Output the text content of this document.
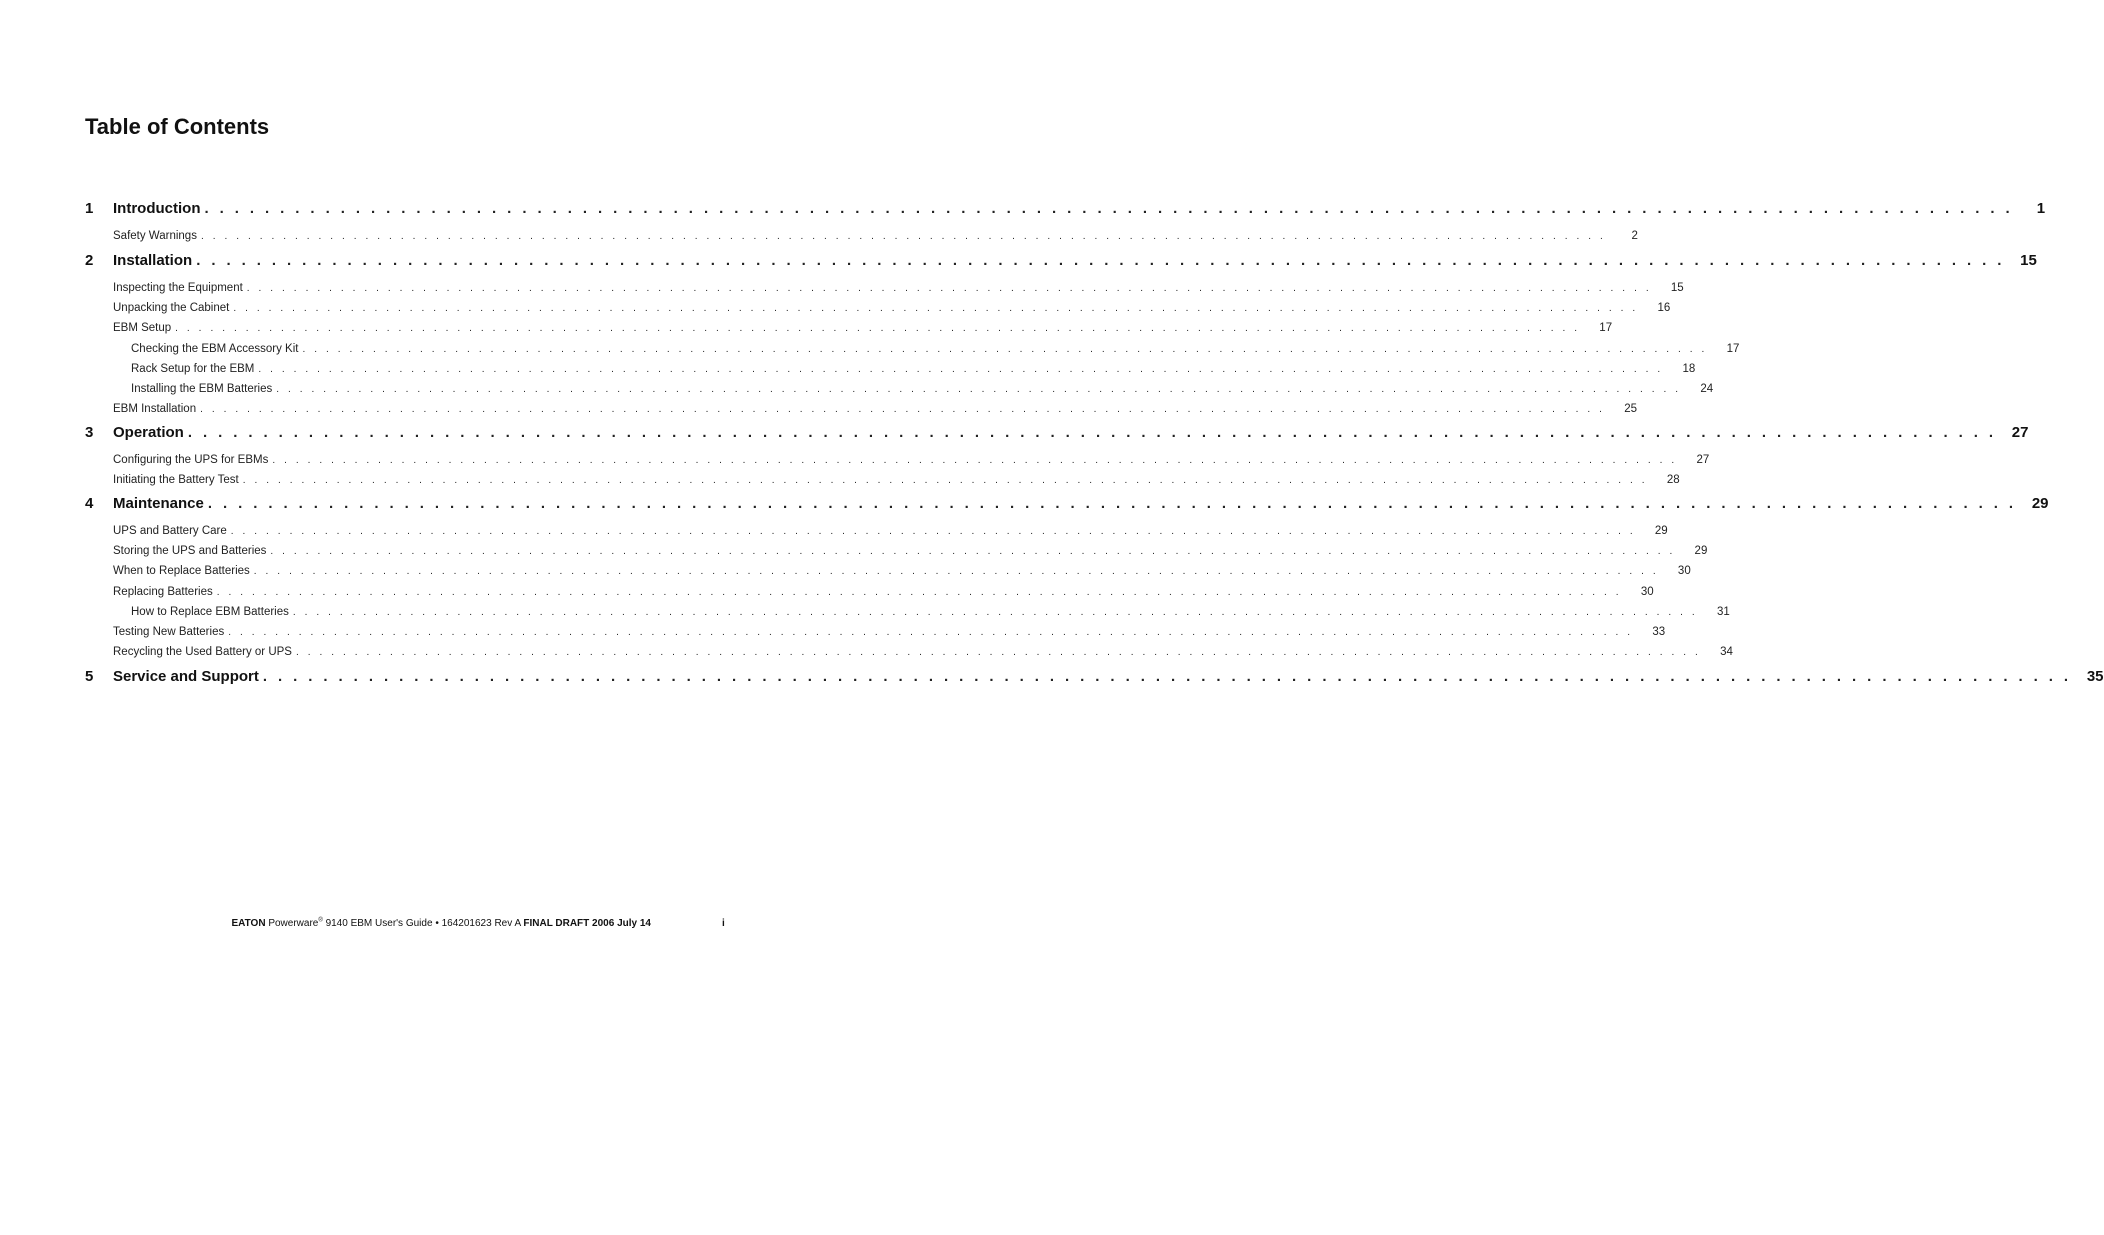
Table of Contents
1	Introduction . . . . . . . . . . . . . . . . . . . . . . . . . . . . . . . . . . . . . . . . . . . . . . . . . . . . . . . . . . . . . . . . . . . . . . . . . . . . . . . . . . . . . . . . . . . . . . . . . . . . . . . . . . . . . . . . . . . . . . . .	1
Safety Warnings . . . . . . . . . . . . . . . . . . . . . . . . . . . . . . . . . . . . . . . . . . . . . . . . . . . . . . . . . . . . . . . . . . . . . . . . . . . . . . . . . . . . . . . . . . . . . . . . . . . . . . . . . . . . . . . . . . . . . . . .	2
2	Installation . . . . . . . . . . . . . . . . . . . . . . . . . . . . . . . . . . . . . . . . . . . . . . . . . . . . . . . . . . . . . . . . . . . . . . . . . . . . . . . . . . . . . . . . . . . . . . . . . . . . . . . . . . . . . . . . . . . . . . . .	15
Inspecting the Equipment . . . . . . . . . . . . . . . . . . . . . . . . . . . . . . . . . . . . . . . . . . . . . . . . . . . . . . . . . . . . . . . . . . . . . . . . . . . . . . . . . . . . . . . . . . . . . . . . . . . . . . . . . . . . . . . . . . . . . . . .	15
Unpacking the Cabinet . . . . . . . . . . . . . . . . . . . . . . . . . . . . . . . . . . . . . . . . . . . . . . . . . . . . . . . . . . . . . . . . . . . . . . . . . . . . . . . . . . . . . . . . . . . . . . . . . . . . . . . . . . . . . . . . . . . . . . . .	16
EBM Setup . . . . . . . . . . . . . . . . . . . . . . . . . . . . . . . . . . . . . . . . . . . . . . . . . . . . . . . . . . . . . . . . . . . . . . . . . . . . . . . . . . . . . . . . . . . . . . . . . . . . . . . . . . . . . . . . . . . . . . . .	17
Checking the EBM Accessory Kit . . . . . . . . . . . . . . . . . . . . . . . . . . . . . . . . . . . . . . . . . . . . . . . . . . . . . . . . . . . . . . . . . . . . . . . . . . . . . . . . . . . . . . . . . . . . . . . . . . . . . . . . . . . . . . . . . . . . . . . .	17
Rack Setup for the EBM . . . . . . . . . . . . . . . . . . . . . . . . . . . . . . . . . . . . . . . . . . . . . . . . . . . . . . . . . . . . . . . . . . . . . . . . . . . . . . . . . . . . . . . . . . . . . . . . . . . . . . . . . . . . . . . . . . . . . . . .	18
Installing the EBM Batteries . . . . . . . . . . . . . . . . . . . . . . . . . . . . . . . . . . . . . . . . . . . . . . . . . . . . . . . . . . . . . . . . . . . . . . . . . . . . . . . . . . . . . . . . . . . . . . . . . . . . . . . . . . . . . . . . . . . . . . . .	24
EBM Installation . . . . . . . . . . . . . . . . . . . . . . . . . . . . . . . . . . . . . . . . . . . . . . . . . . . . . . . . . . . . . . . . . . . . . . . . . . . . . . . . . . . . . . . . . . . . . . . . . . . . . . . . . . . . . . . . . . . . . . . .	25
3	Operation . . . . . . . . . . . . . . . . . . . . . . . . . . . . . . . . . . . . . . . . . . . . . . . . . . . . . . . . . . . . . . . . . . . . . . . . . . . . . . . . . . . . . . . . . . . . . . . . . . . . . . . . . . . . . . . . . . . . . . . .	27
Configuring the UPS for EBMs . . . . . . . . . . . . . . . . . . . . . . . . . . . . . . . . . . . . . . . . . . . . . . . . . . . . . . . . . . . . . . . . . . . . . . . . . . . . . . . . . . . . . . . . . . . . . . . . . . . . . . . . . . . . . . . . . . . . . . . .	27
Initiating the Battery Test . . . . . . . . . . . . . . . . . . . . . . . . . . . . . . . . . . . . . . . . . . . . . . . . . . . . . . . . . . . . . . . . . . . . . . . . . . . . . . . . . . . . . . . . . . . . . . . . . . . . . . . . . . . . . . . . . . . . . . . .	28
4	Maintenance . . . . . . . . . . . . . . . . . . . . . . . . . . . . . . . . . . . . . . . . . . . . . . . . . . . . . . . . . . . . . . . . . . . . . . . . . . . . . . . . . . . . . . . . . . . . . . . . . . . . . . . . . . . . . . . . . . . . . . . .	29
UPS and Battery Care . . . . . . . . . . . . . . . . . . . . . . . . . . . . . . . . . . . . . . . . . . . . . . . . . . . . . . . . . . . . . . . . . . . . . . . . . . . . . . . . . . . . . . . . . . . . . . . . . . . . . . . . . . . . . . . . . . . . . . . .	29
Storing the UPS and Batteries . . . . . . . . . . . . . . . . . . . . . . . . . . . . . . . . . . . . . . . . . . . . . . . . . . . . . . . . . . . . . . . . . . . . . . . . . . . . . . . . . . . . . . . . . . . . . . . . . . . . . . . . . . . . . . . . . . . . . . . .	29
When to Replace Batteries . . . . . . . . . . . . . . . . . . . . . . . . . . . . . . . . . . . . . . . . . . . . . . . . . . . . . . . . . . . . . . . . . . . . . . . . . . . . . . . . . . . . . . . . . . . . . . . . . . . . . . . . . . . . . . . . . . . . . . . .	30
Replacing Batteries . . . . . . . . . . . . . . . . . . . . . . . . . . . . . . . . . . . . . . . . . . . . . . . . . . . . . . . . . . . . . . . . . . . . . . . . . . . . . . . . . . . . . . . . . . . . . . . . . . . . . . . . . . . . . . . . . . . . . . . .	30
How to Replace EBM Batteries . . . . . . . . . . . . . . . . . . . . . . . . . . . . . . . . . . . . . . . . . . . . . . . . . . . . . . . . . . . . . . . . . . . . . . . . . . . . . . . . . . . . . . . . . . . . . . . . . . . . . . . . . . . . . . . . . . . . . . . .	31
Testing New Batteries . . . . . . . . . . . . . . . . . . . . . . . . . . . . . . . . . . . . . . . . . . . . . . . . . . . . . . . . . . . . . . . . . . . . . . . . . . . . . . . . . . . . . . . . . . . . . . . . . . . . . . . . . . . . . . . . . . . . . . . .	33
Recycling the Used Battery or UPS . . . . . . . . . . . . . . . . . . . . . . . . . . . . . . . . . . . . . . . . . . . . . . . . . . . . . . . . . . . . . . . . . . . . . . . . . . . . . . . . . . . . . . . . . . . . . . . . . . . . . . . . . . . . . . . . . . . . . . . .	34
5	Service and Support . . . . . . . . . . . . . . . . . . . . . . . . . . . . . . . . . . . . . . . . . . . . . . . . . . . . . . . . . . . . . . . . . . . . . . . . . . . . . . . . . . . . . . . . . . . . . . . . . . . . . . . . . . . . . . . . . . . . . . . .	35
EATON Powerware® 9140 EBM User's Guide • 164201623 Rev A FINAL DRAFT 2006 July 14	i
